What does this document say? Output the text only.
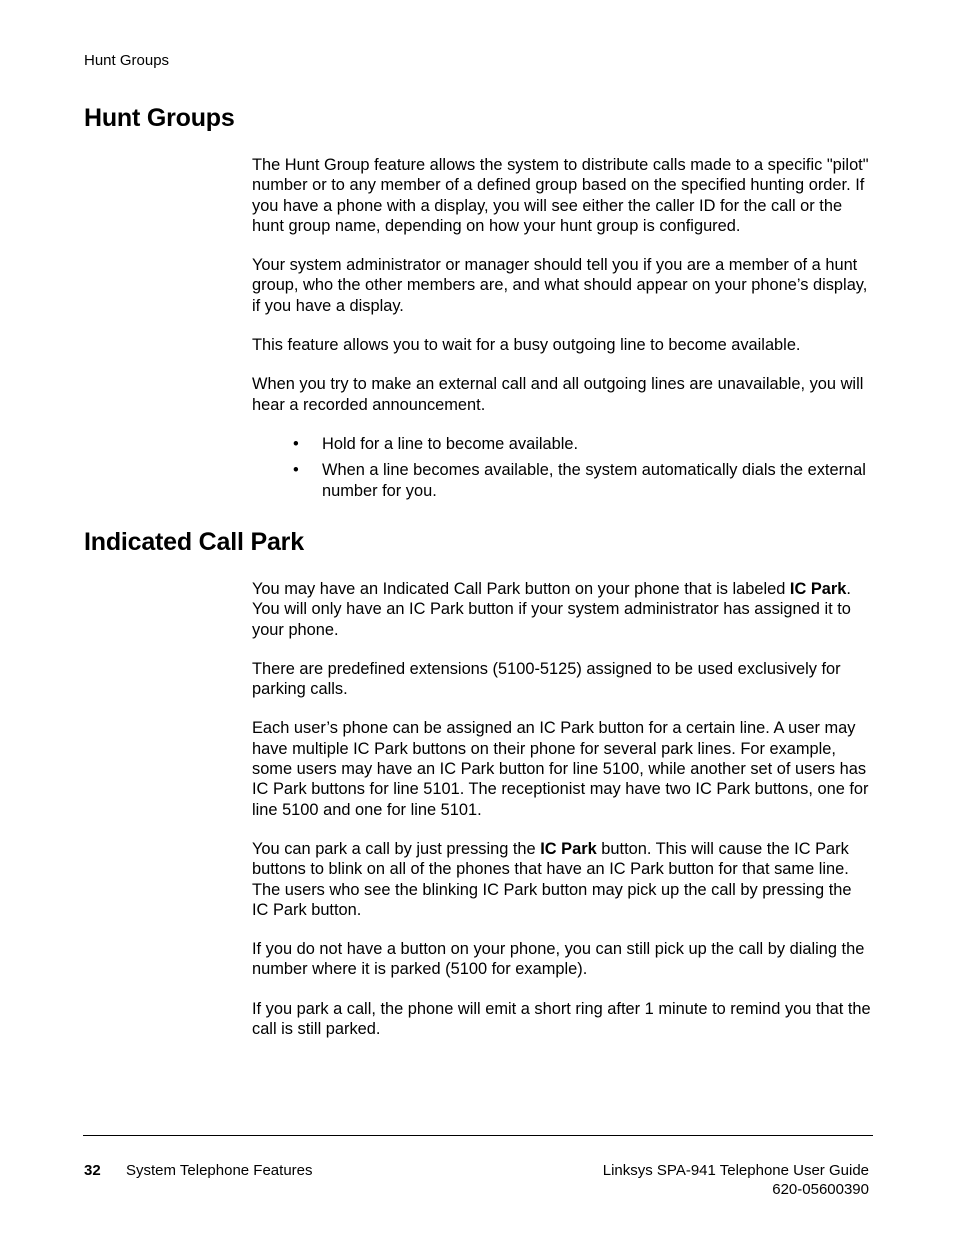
Hunt Groups
Hunt Groups

The Hunt Group feature allows the system to distribute calls made to a specific "pilot" number or to any member of a defined group based on the specified hunting order. If you have a phone with a display, you will see either the caller ID for the call or the hunt group name, depending on how your hunt group is configured.

Your system administrator or manager should tell you if you are a member of a hunt group, who the other members are, and what should appear on your phone’s display, if you have a display.

This feature allows you to wait for a busy outgoing line to become available.

When you try to make an external call and all outgoing lines are unavailable, you will hear a recorded announcement.

• Hold for a line to become available.
• When a line becomes available, the system automatically dials the external number for you.
Indicated Call Park

You may have an Indicated Call Park button on your phone that is labeled IC Park. You will only have an IC Park button if your system administrator has assigned it to your phone.

There are predefined extensions (5100-5125) assigned to be used exclusively for parking calls.

Each user’s phone can be assigned an IC Park button for a certain line. A user may have multiple IC Park buttons on their phone for several park lines. For example, some users may have an IC Park button for line 5100, while another set of users has IC Park buttons for line 5101. The receptionist may have two IC Park buttons, one for line 5100 and one for line 5101.

You can park a call by just pressing the IC Park button. This will cause the IC Park buttons to blink on all of the phones that have an IC Park button for that same line. The users who see the blinking IC Park button may pick up the call by pressing the IC Park button.

If you do not have a button on your phone, you can still pick up the call by dialing the number where it is parked (5100 for example).

If you park a call, the phone will emit a short ring after 1 minute to remind you that the call is still parked.

32 System Telephone Features	Linksys SPA-941 Telephone User Guide
620-05600390
